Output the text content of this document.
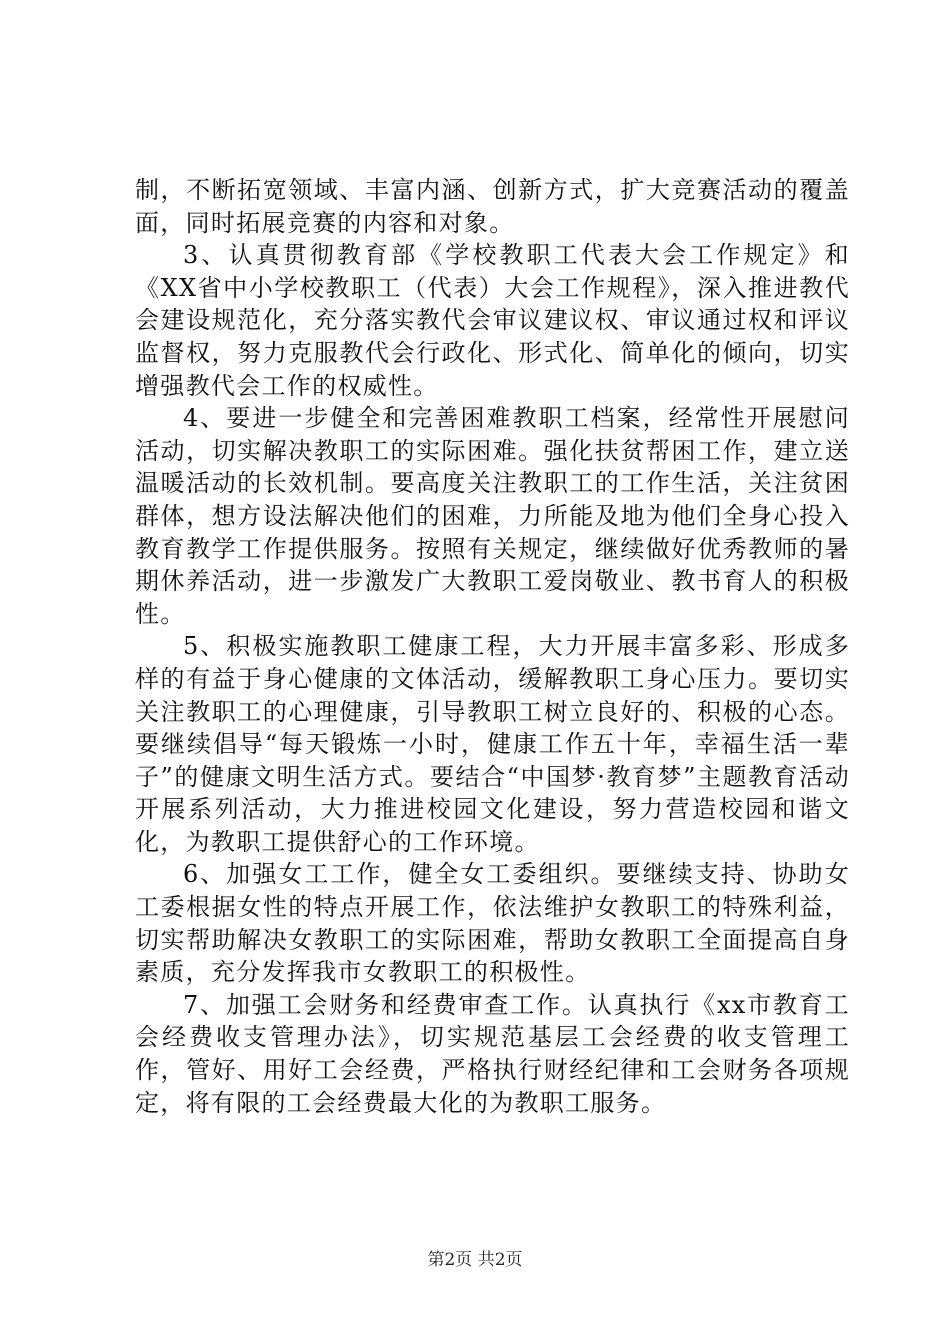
制，不断拓宽领域、丰富内涵、创新方式，扩大竞赛活动的覆盖面，同时拓展竞赛的内容和对象。

3、认真贯彻教育部《学校教职工代表大会工作规定》和《XX省中小学校教职工（代表）大会工作规程》，深入推进教代会建设规范化，充分落实教代会审议建议权、审议通过权和评议监督权，努力克服教代会行政化、形式化、简单化的倾向，切实增强教代会工作的权威性。

4、要进一步健全和完善困难教职工档案，经常性开展慰问活动，切实解决教职工的实际困难。强化扶贫帮困工作，建立送温暖活动的长效机制。要高度关注教职工的工作生活，关注贫困群体，想方设法解决他们的困难，力所能及地为他们全身心投入教育教学工作提供服务。按照有关规定，继续做好优秀教师的暑期休养活动，进一步激发广大教职工爱岗敬业、教书育人的积极性。

5、积极实施教职工健康工程，大力开展丰富多彩、形成多样的有益于身心健康的文体活动，缓解教职工身心压力。要切实关注教职工的心理健康，引导教职工树立良好的、积极的心态。要继续倡导“每天锻炼一小时，健康工作五十年，幸福生活一辈子”的健康文明生活方式。要结合“中国梦·教育梦”主题教育活动开展系列活动，大力推进校园文化建设，努力营造校园和谐文化，为教职工提供舒心的工作环境。

6、加强女工工作，健全女工委组织。要继续支持、协助女工委根据女性的特点开展工作，依法维护女教职工的特殊利益，切实帮助解决女教职工的实际困难，帮助女教职工全面提高自身素质，充分发挥我市女教职工的积极性。

7、加强工会财务和经费审查工作。认真执行《xx市教育工会经费收支管理办法》，切实规范基层工会经费的收支管理工作，管好、用好工会经费，严格执行财经纪律和工会财务各项规定，将有限的工会经费最大化的为教职工服务。

第2页 共2页
